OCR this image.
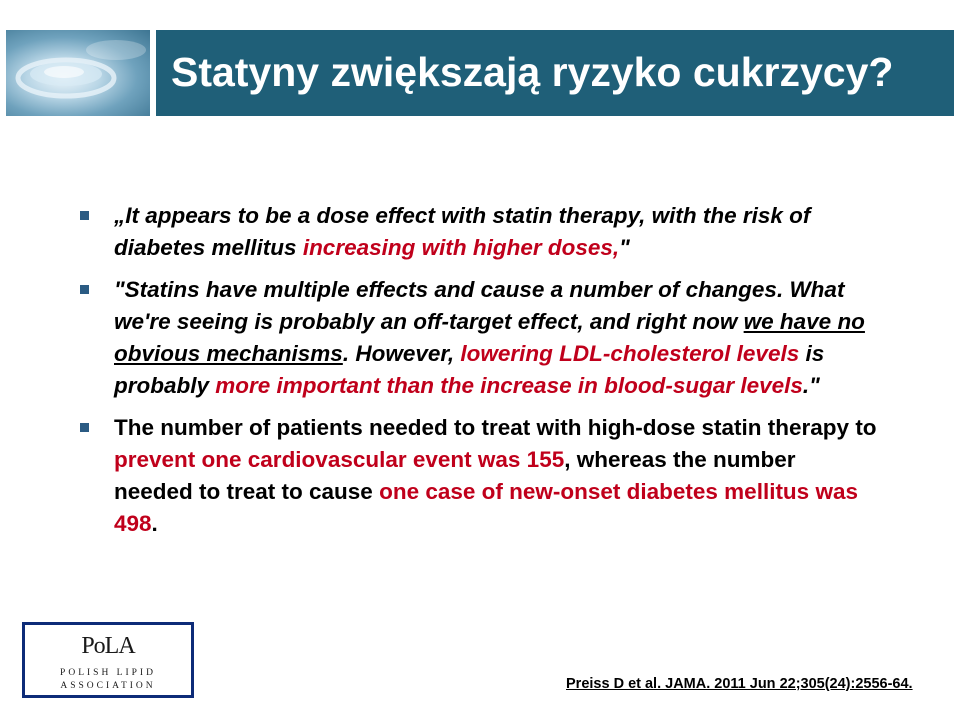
Statyny zwiększają ryzyko cukrzycy?
„It appears to be a dose effect with statin therapy, with the risk of diabetes mellitus increasing with higher doses,"
"Statins have multiple effects and cause a number of changes. What we're seeing is probably an off-target effect, and right now we have no obvious mechanisms. However, lowering LDL-cholesterol levels is probably more important than the increase in blood-sugar levels."
The number of patients needed to treat with high-dose statin therapy to prevent one cardiovascular event was 155, whereas the number needed to treat to cause one case of new-onset diabetes mellitus was 498.
PoLA
POLISH LIPID
ASSOCIATION	Preiss D et al. JAMA. 2011 Jun 22;305(24):2556-64.
